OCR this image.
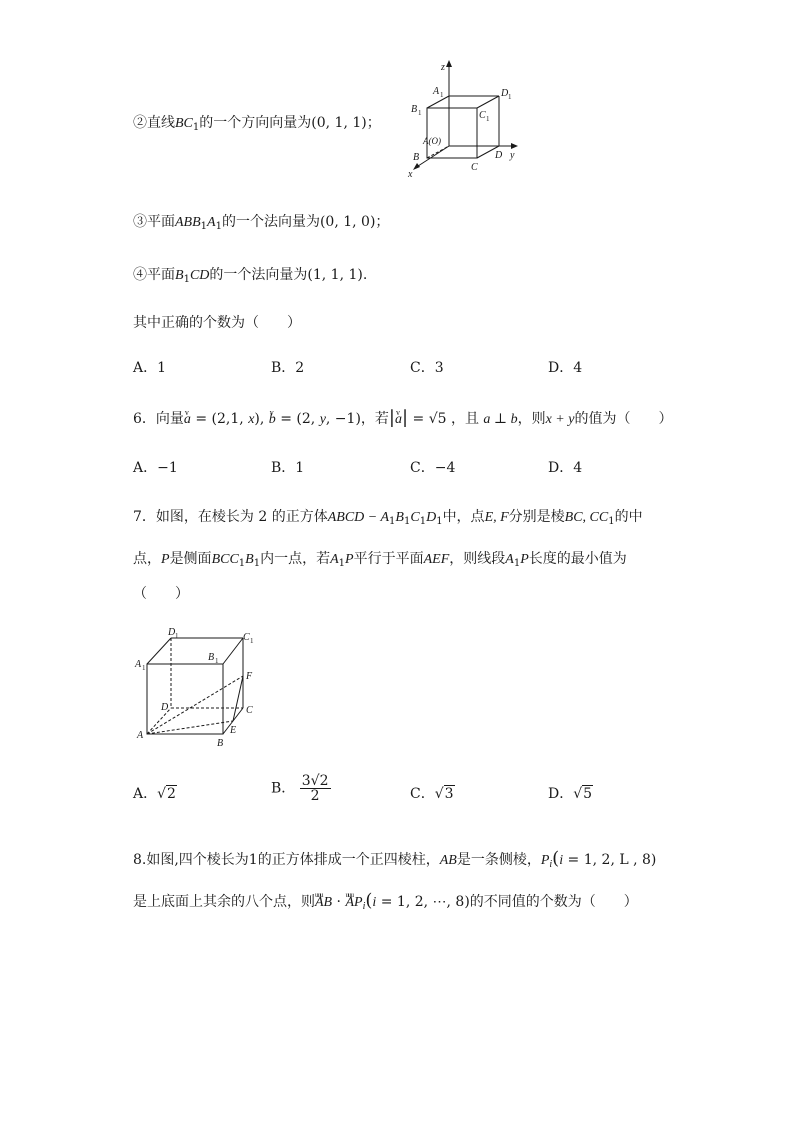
z
A 1	D 1
B 1	C 1
A(O)
B	D y
C
x
②直线$BC_1$的一个方向向量为(0, 1, 1)；
③平面$ABB_1A_1$的一个法向量为(0, 1, 0)；
④平面$B_1CD$的一个法向量为(1, 1, 1).
其中正确的个数为（　　）
A．1	B．2	C．3	D．4
6．向量v a = (2,1, x), v b = (2, y, −1)，若|v a| = √5 ，且 a ⊥ b，则x + y的值为（　　）
A．−1	B．1	C．−4	D．4
7．如图，在棱长为 2 的正方体ABCD − $A_1B_1C_1D_1$中，点E, F分别是棱BC, $CC_1$的中
点，P是侧面$BCC_1B_1$内一点，若$A_1P$平行于平面AEF，则线段$A_1P$长度的最小值为
（　　）
D 1	C 1
A 1
B 1
F
D	C
A	E
B
A．√2	B． $\frac{3√2}{2}$	C．√3	D．√5
8.如图,四个棱长为1的正方体排成一个正四棱柱，AB是一条侧棱，$P_i(i = 1$, 2, L , 8)
是上底面上其余的八个点，则uuu AB · uuu $AP_i(i = 1$, 2, ⋯, 8)的不同值的个数为（　　）
